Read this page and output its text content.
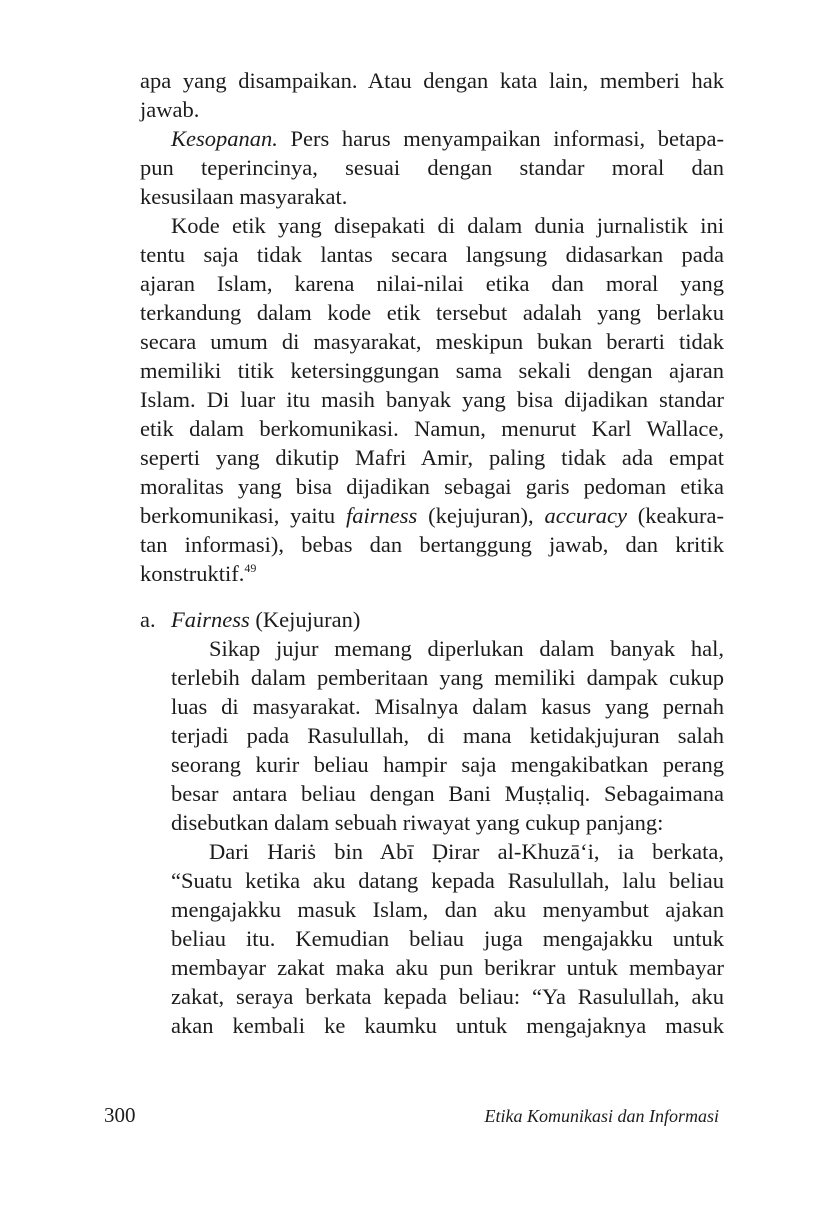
apa yang disampaikan. Atau dengan kata lain, memberi hak
jawab.
Kesopanan. Pers harus menyampaikan informasi, betapa-
pun teperincinya, sesuai dengan standar moral dan
kesusilaan masyarakat.
Kode etik yang disepakati di dalam dunia jurnalistik ini
tentu saja tidak lantas secara langsung didasarkan pada
ajaran Islam, karena nilai-nilai etika dan moral yang
terkandung dalam kode etik tersebut adalah yang berlaku
secara umum di masyarakat, meskipun bukan berarti tidak
memiliki titik ketersinggungan sama sekali dengan ajaran
Islam. Di luar itu masih banyak yang bisa dijadikan standar
etik dalam berkomunikasi. Namun, menurut Karl Wallace,
seperti yang dikutip Mafri Amir, paling tidak ada empat
moralitas yang bisa dijadikan sebagai garis pedoman etika
berkomunikasi, yaitu fairness (kejujuran), accuracy (keakura-
tan informasi), bebas dan bertanggung jawab, dan kritik
konstruktif.$^{49}$
a. Fairness (Kejujuran)
Sikap jujur memang diperlukan dalam banyak hal,
terlebih dalam pemberitaan yang memiliki dampak cukup
luas di masyarakat. Misalnya dalam kasus yang pernah
terjadi pada Rasulullah, di mana ketidakjujuran salah
seorang kurir beliau hampir saja mengakibatkan perang
besar antara beliau dengan Bani Muṣṭaliq. Sebagaimana
disebutkan dalam sebuah riwayat yang cukup panjang:
Dari Hariṡ bin Abī Ḍirar al-Khuzā‘i, ia berkata,
“Suatu ketika aku datang kepada Rasulullah, lalu beliau
mengajakku masuk Islam, dan aku menyambut ajakan
beliau itu. Kemudian beliau juga mengajakku untuk
membayar zakat maka aku pun berikrar untuk membayar
zakat, seraya berkata kepada beliau: “Ya Rasulullah, aku
akan kembali ke kaumku untuk mengajaknya masuk
300	Etika Komunikasi dan Informasi
